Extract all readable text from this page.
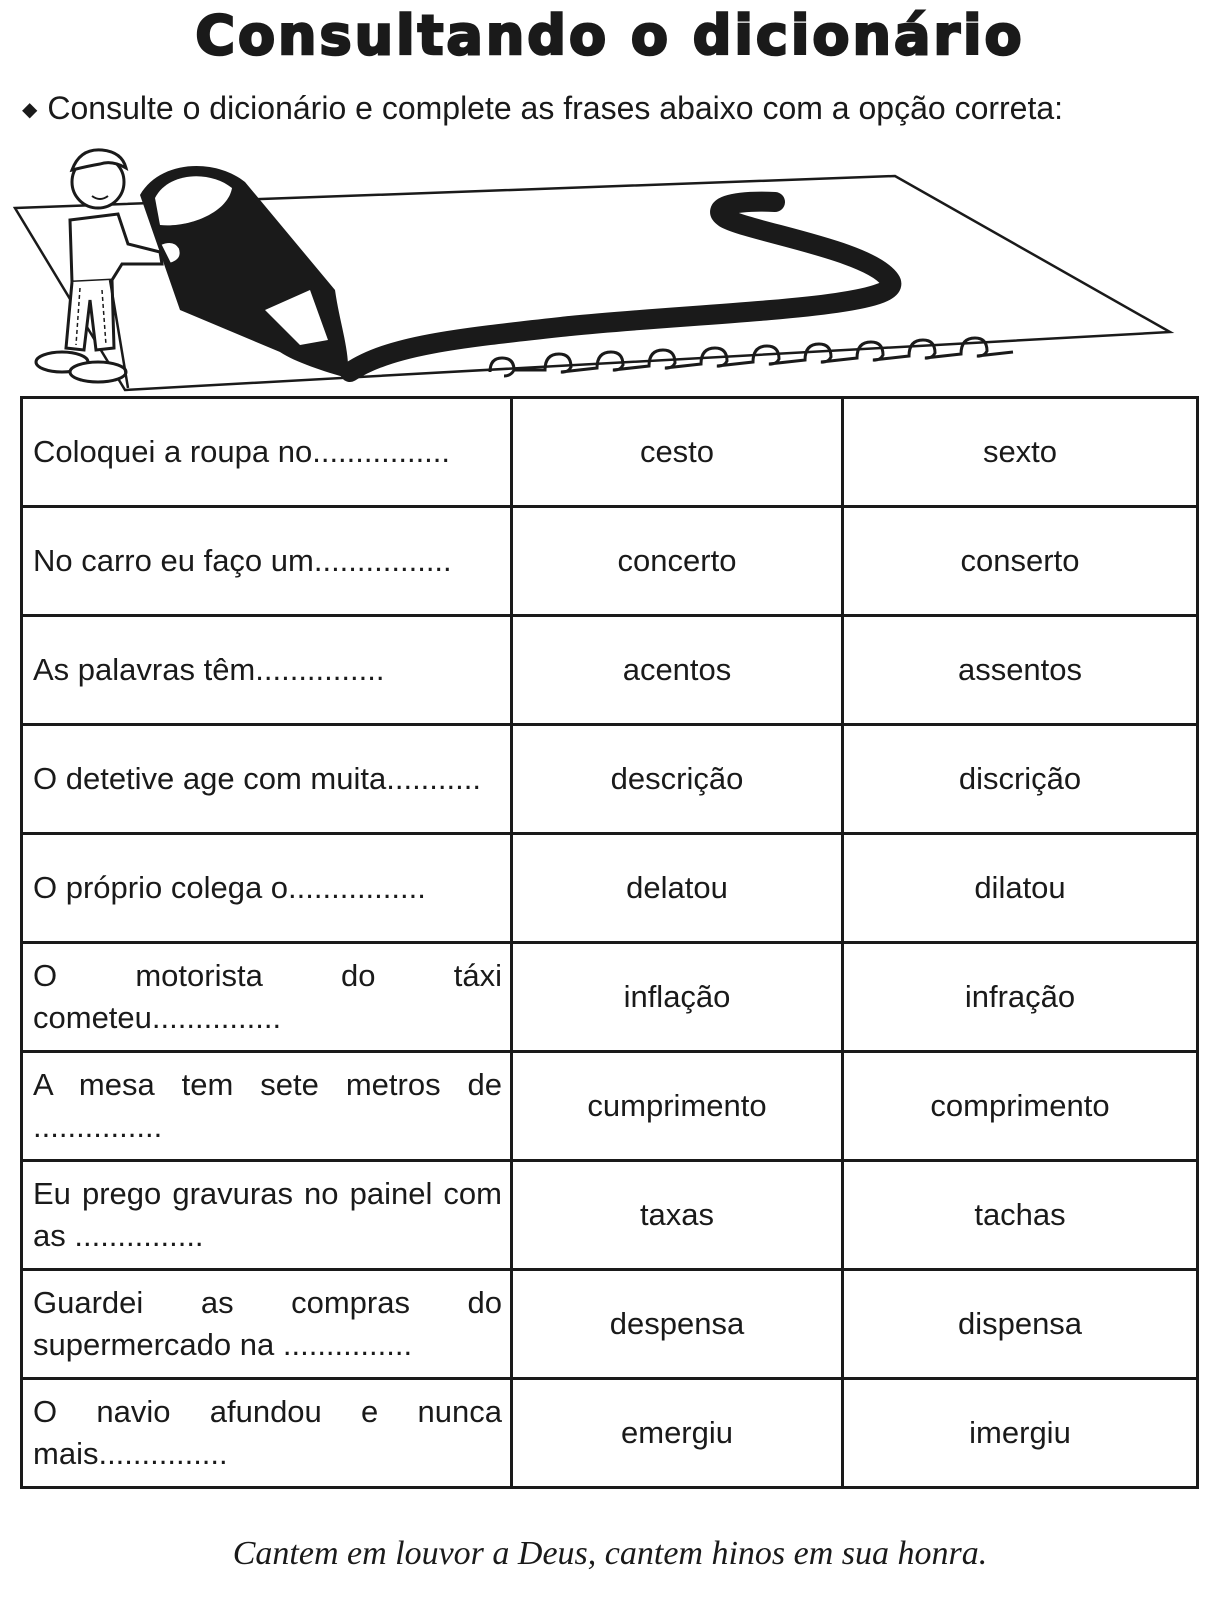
Consultando o dicionário
◆ Consulte o dicionário e complete as frases abaixo com a opção correta:
Coloquei a roupa no................	cesto	sexto
No carro eu faço um................	concerto	conserto
As palavras têm...............	acentos	assentos
O detetive age com muita...........	descrição	discrição
O próprio colega o................	delatou	dilatou
O motorista do táxi cometeu...............	inflação	infração
A mesa tem sete metros de ...............	cumprimento	comprimento
Eu prego gravuras no painel com as ...............	taxas	tachas
Guardei as compras do supermercado na ...............	despensa	dispensa
O navio afundou e nunca mais...............	emergiu	imergiu
Cantem em louvor a Deus, cantem hinos em sua honra.
